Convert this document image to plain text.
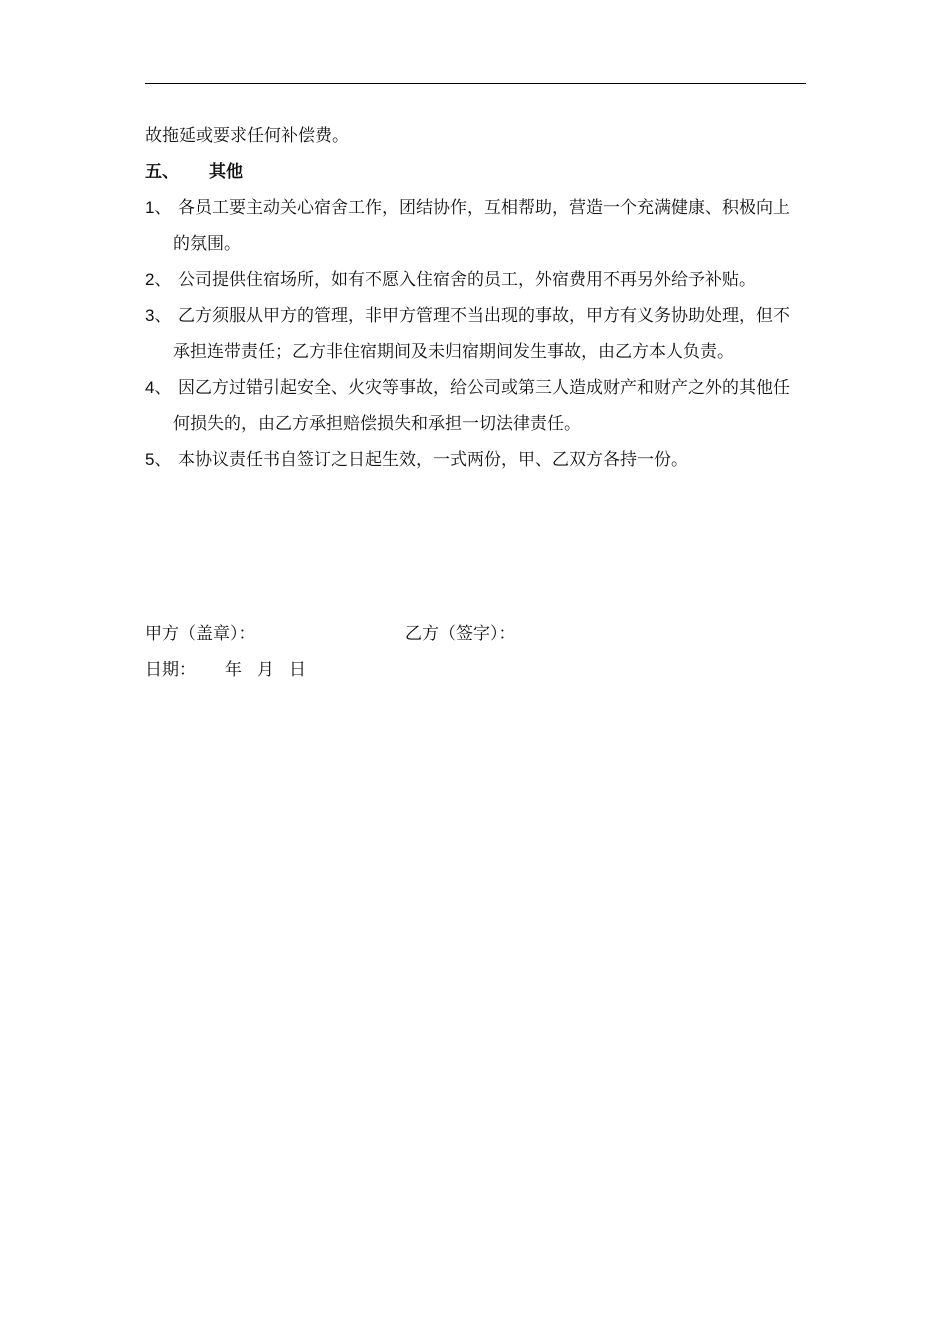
故拖延或要求任何补偿费。

五、 其他
1、 各员工要主动关心宿舍工作，团结协作，互相帮助，营造一个充满健康、积极向上的氛围。
2、 公司提供住宿场所，如有不愿入住宿舍的员工，外宿费用不再另外给予补贴。
3、 乙方须服从甲方的管理，非甲方管理不当出现的事故，甲方有义务协助处理，但不承担连带责任；乙方非住宿期间及未归宿期间发生事故，由乙方本人负责。
4、 因乙方过错引起安全、火灾等事故，给公司或第三人造成财产和财产之外的其他任何损失的，由乙方承担赔偿损失和承担一切法律责任。
5、 本协议责任书自签订之日起生效，一式两份，甲、乙双方各持一份。
甲方（盖章）：	乙方（签字）：
日期： 年 月 日
